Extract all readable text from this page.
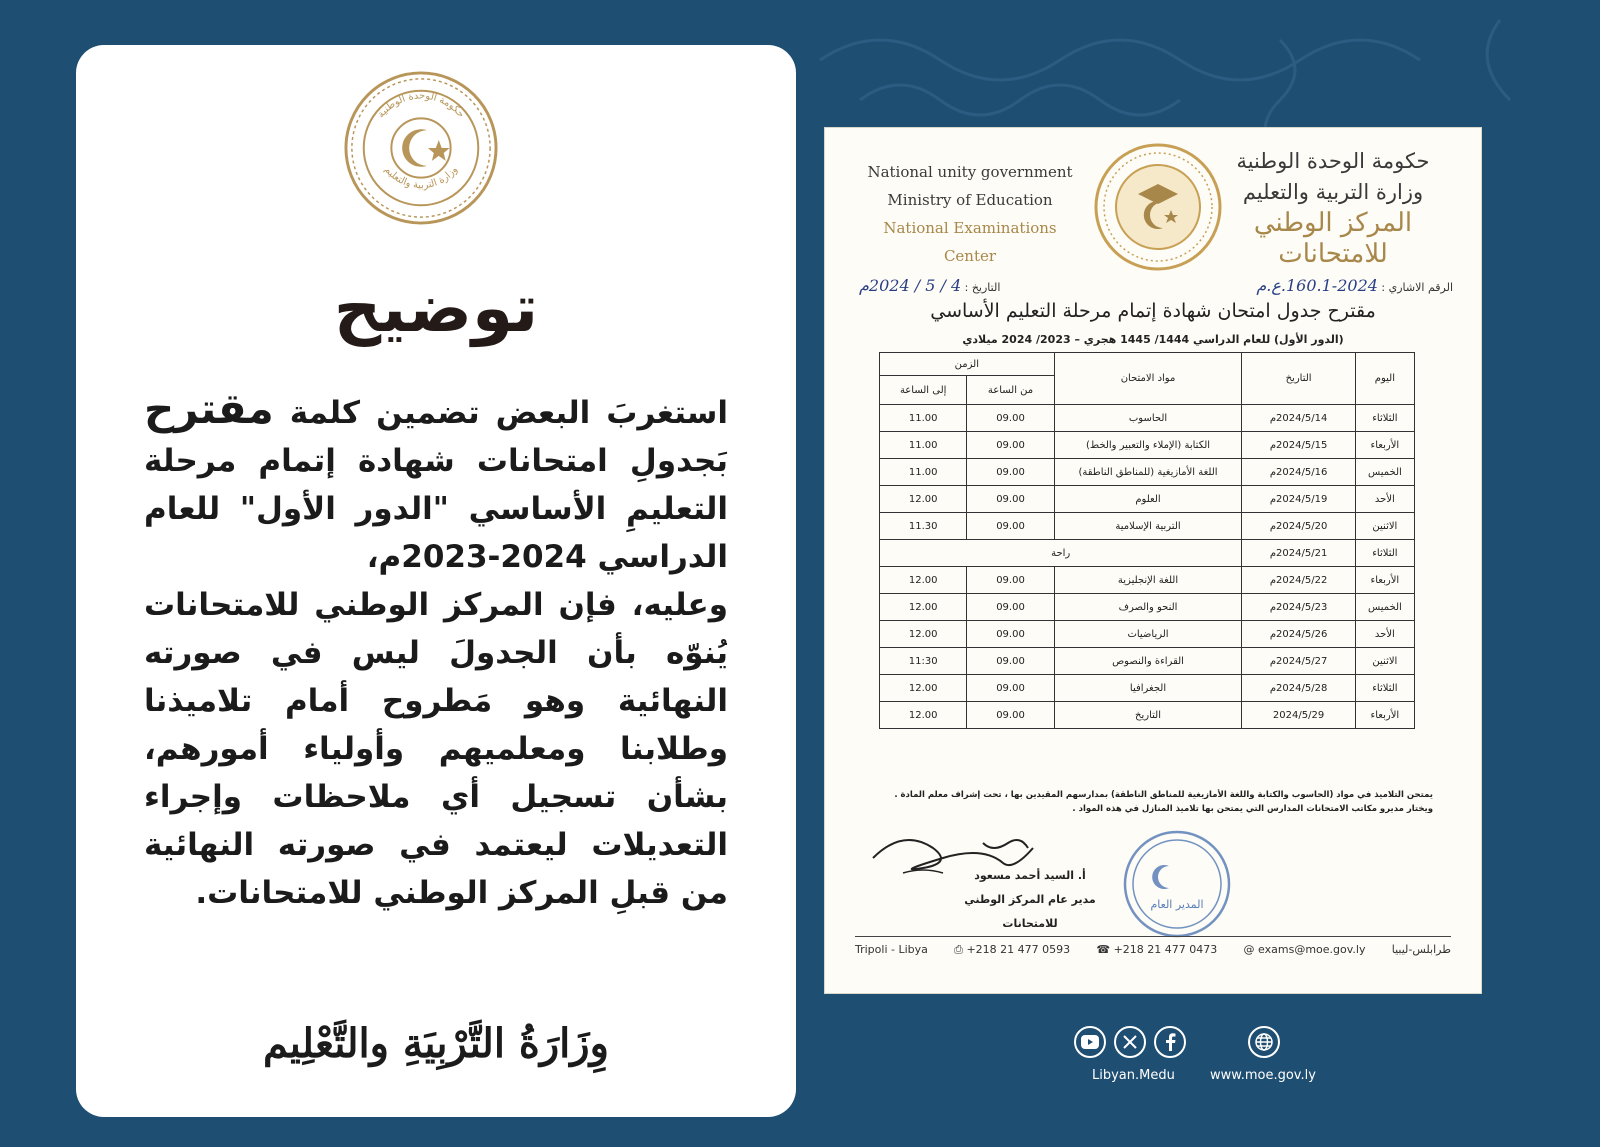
حكومة الوحدة الوطنية
وزارة التربية والتعليم
توضيح
استغربَ البعض تضمين كلمة مقترح بَجدولِ امتحانات شهادة إتمام مرحلة التعليمِ الأساسي "الدور الأول" للعام الدراسي 2024-2023م،
وعليه، فإن المركز الوطني للامتحانات يُنوّه بأن الجدولَ ليس في صورته النهائية وهو مَطروح أمام تلاميذنا وطلابنا ومعلميهم وأولياء أمورهم، بشأن تسجيل أي ملاحظات وإجراء التعديلات ليعتمد في صورته النهائية من قبلِ المركز الوطني للامتحانات.
وِزَارَةُ التَّرْبِيَةِ والتَّعْلِيم
National unity government
Ministry of Education
National Examinations Center
حكومة الوحدة الوطنية
وزارة التربية والتعليم
المركز الوطني للامتحانات
الرقم الاشاري : 2024-160.1.ع.م
التاريخ : 4 / 5 / 2024م
مقترح جدول امتحان شهادة إتمام مرحلة التعليم الأساسي
(الدور الأول) للعام الدراسي 1444/ 1445 هجري – 2023/ 2024 ميلادي
اليوم	التاريخ	مواد الامتحان	الزمن	
			من الساعة	إلى الساعة
الثلاثاء	2024/5/14م	الحاسوب	09.00	11.00
الأربعاء	2024/5/15م	الكتابة (الإملاء والتعبير والخط)	09.00	11.00
الخميس	2024/5/16م	اللغة الأمازيغية (للمناطق الناطقة)	09.00	11.00
الأحد	2024/5/19م	العلوم	09.00	12.00
الاثنين	2024/5/20م	التربية الإسلامية	09.00	11.30
الثلاثاء	2024/5/21م	راحة		
الأربعاء	2024/5/22م	اللغة الإنجليزية	09.00	12.00
الخميس	2024/5/23م	النحو والصرف	09.00	12.00
الأحد	2024/5/26م	الرياضيات	09.00	12.00
الاثنين	2024/5/27م	القراءة والنصوص	09.00	11:30
الثلاثاء	2024/5/28م	الجغرافيا	09.00	12.00
الأربعاء	2024/5/29	التاريخ	09.00	12.00
يمتحن التلاميذ في مواد (الحاسوب والكتابة واللغة الأمازيغية للمناطق الناطقة) بمدارسهم المقيدين بها ، تحت إشراف معلم المادة .
ويختار مديرو مكاتب الامتحانات المدارس التي يمتحن بها تلاميذ المنازل في هذه المواد .
أ. السيد أحمد مسعود
مدير عام المركز الوطني للامتحانات
المدير العام
Tripoli - Libya ⎙ +218 21 477 0593 ☎ +218 21 477 0473 @ exams@moe.gov.ly طرابلس-ليبيا
Libyan.Medu	www.moe.gov.ly
